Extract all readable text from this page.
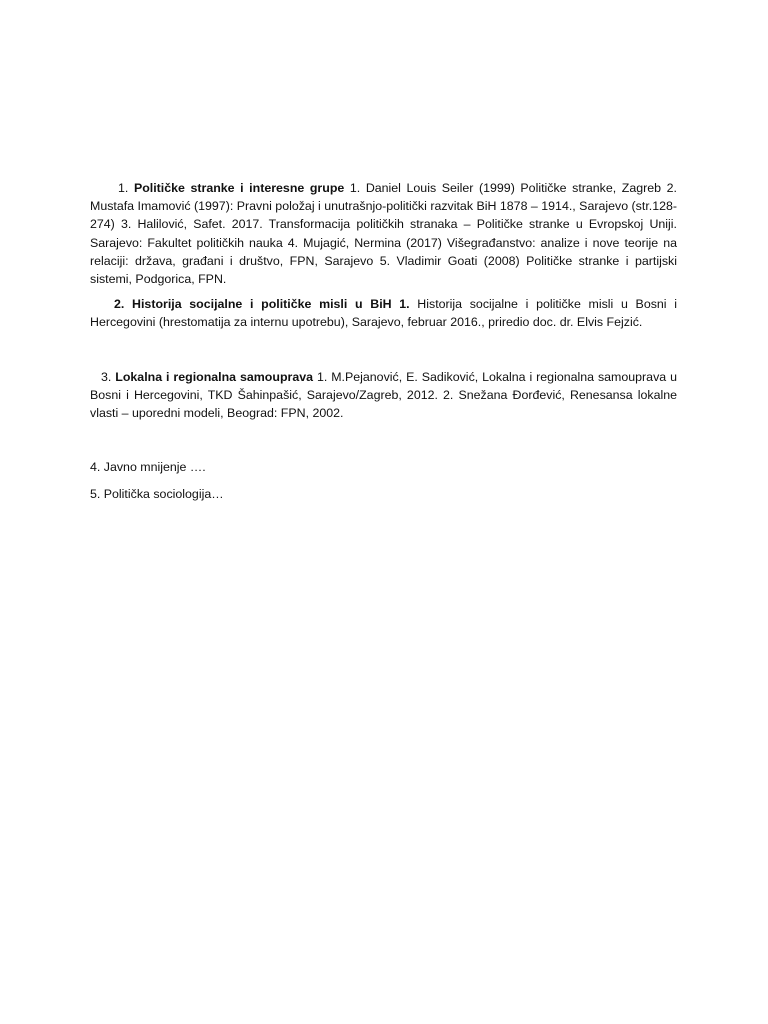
1. Političke stranke i interesne grupe 1. Daniel Louis Seiler (1999) Političke stranke, Zagreb 2. Mustafa Imamović (1997): Pravni položaj i unutrašnjo-politički razvitak BiH 1878 – 1914., Sarajevo (str.128-274) 3. Halilović, Safet. 2017. Transformacija političkih stranaka – Političke stranke u Evropskoj Uniji. Sarajevo: Fakultet političkih nauka 4. Mujagić, Nermina (2017) Višegrađanstvo: analize i nove teorije na relaciji: država, građani i društvo, FPN, Sarajevo 5. Vladimir Goati (2008) Političke stranke i partijski sistemi, Podgorica, FPN.

2. Historija socijalne i političke misli u BiH 1. Historija socijalne i političke misli u Bosni i Hercegovini (hrestomatija za internu upotrebu), Sarajevo, februar 2016., priredio doc. dr. Elvis Fejzić.

3. Lokalna i regionalna samouprava 1. M.Pejanović, E. Sadiković, Lokalna i regionalna samouprava u Bosni i Hercegovini, TKD Šahinpašić, Sarajevo/Zagreb, 2012. 2. Snežana Đorđević, Renesansa lokalne vlasti – uporedni modeli, Beograd: FPN, 2002.

4. Javno mnijenje ….

5. Politička sociologija…
